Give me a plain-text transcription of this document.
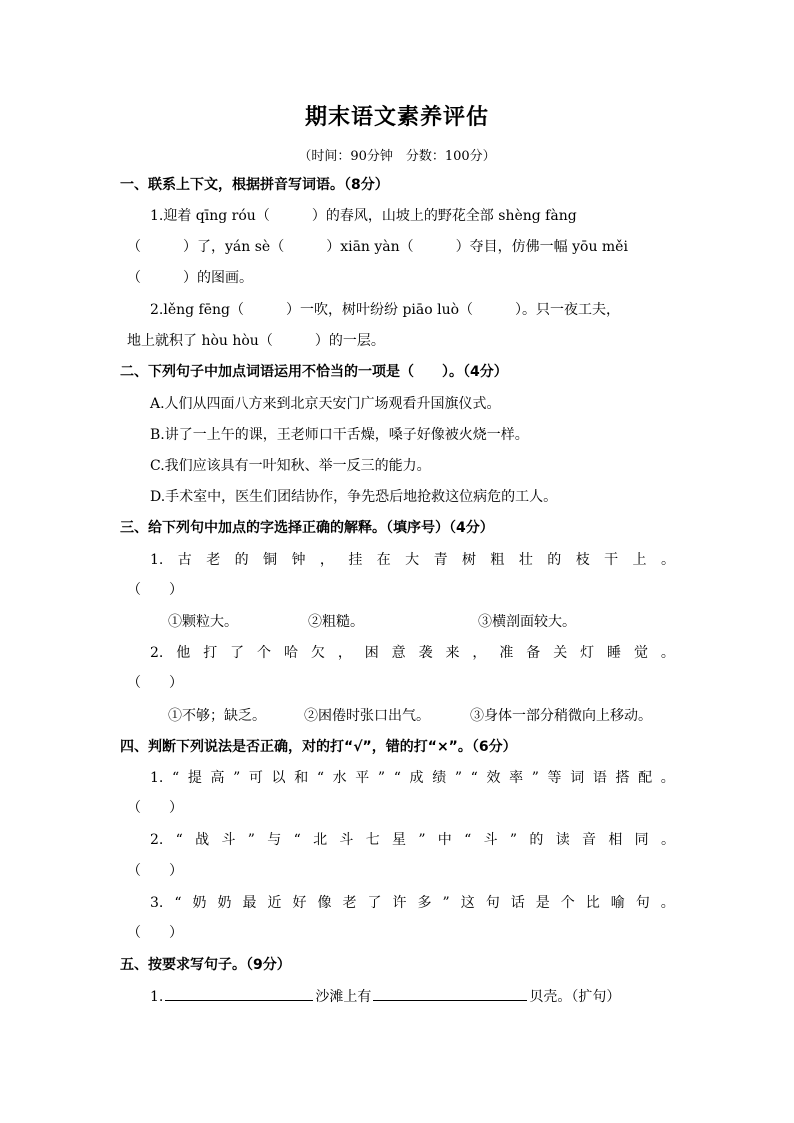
期末语文素养评估
（时间：90分钟　分数：100分）
一、联系上下文，根据拼音写词语。（8分）
1.迎着 qīng róu（　　　）的春风，山坡上的野花全部 shèng fàng
（　　　）了，yán sè（　　　）xiān yàn（　　　）夺目，仿佛一幅 yōu měi
（　　　）的图画。
2.lěng fēng（　　　）一吹，树叶纷纷 piāo luò（　　　）。只一夜工夫，
地上就积了 hòu hòu（　　　）的一层。
二、下列句子中加点词语运用不恰当的一项是（　　）。（4分）
A.人们从四面八方来到北京天安门广场观看升国旗仪式。
B.讲了一上午的课，王老师口干舌燥，嗓子好像被火烧一样。
C.我们应该具有一叶知秋、举一反三的能力。
D.手术室中，医生们团结协作，争先恐后地抢救这位病危的工人。
三、给下列句中加点的字选择正确的解释。（填序号）（4分）
1. 古 老 的 铜 钟 ， 挂 在 大 青 树 粗 壮 的 枝 干 上 。
（　　）
①颗粒大。	②粗糙。	③横剖面较大。
2. 他 打 了 个 哈 欠 ， 困 意 袭 来 ， 准 备 关 灯 睡 觉 。
（　　）
①不够；缺乏。	②困倦时张口出气。	③身体一部分稍微向上移动。
四、判断下列说法是否正确，对的打“√”，错的打“×”。（6分）
1. “ 提 高 ” 可 以 和 “ 水 平 ” “ 成 绩 ” “ 效 率 ” 等 词 语 搭 配 。
（　　）
2. “ 战 斗 ” 与 “ 北 斗 七 星 ” 中 “ 斗 ” 的 读 音 相 同 。
（　　）
3. “ 奶 奶 最 近 好 像 老 了 许 多 ” 这 句 话 是 个 比 喻 句 。
（　　）
五、按要求写句子。（9分）
1.	沙滩上有	贝壳。（扩句）
